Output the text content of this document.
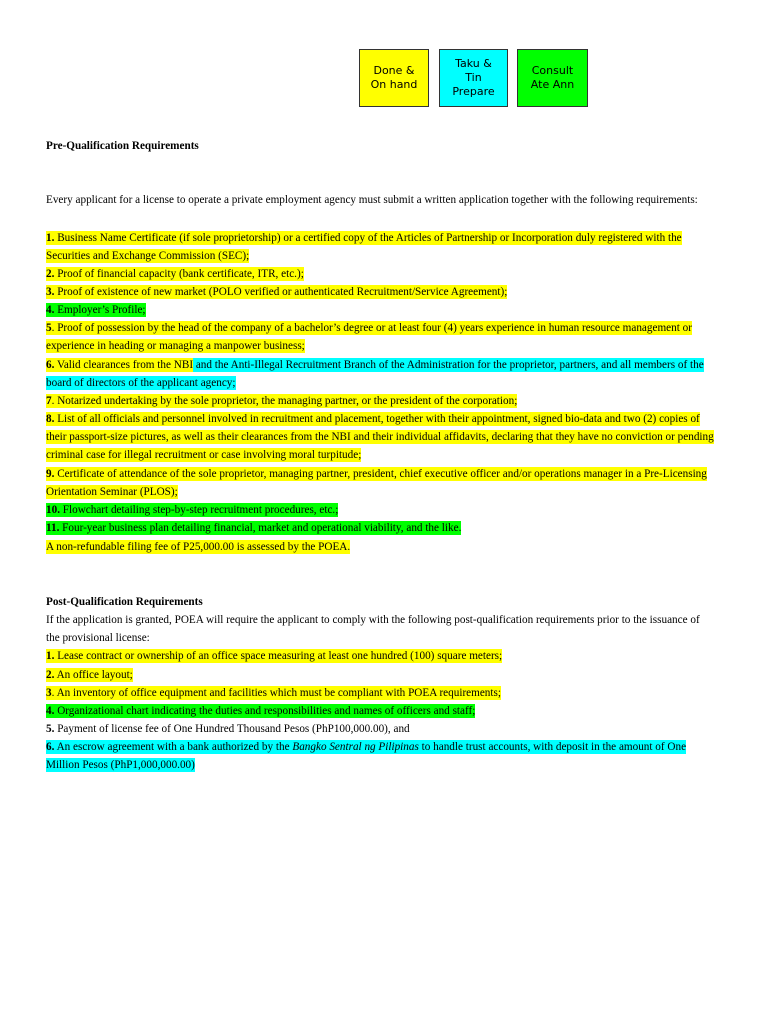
Done &
On hand
Taku &
Tin
Prepare
Consult
Ate Ann
Pre-Qualification Requirements
Every applicant for a license to operate a private employment agency must submit a written application together with the following requirements:
1. Business Name Certificate (if sole proprietorship) or a certified copy of the Articles of Partnership or Incorporation duly registered with the Securities and Exchange Commission (SEC);
2. Proof of financial capacity (bank certificate, ITR, etc.);
3. Proof of existence of new market (POLO verified or authenticated Recruitment/Service Agreement);
4. Employer’s Profile;
5. Proof of possession by the head of the company of a bachelor’s degree or at least four (4) years experience in human resource management or experience in heading or managing a manpower business;
6. Valid clearances from the NBI and the Anti-Illegal Recruitment Branch of the Administration for the proprietor, partners, and all members of the board of directors of the applicant agency;
7. Notarized undertaking by the sole proprietor, the managing partner, or the president of the corporation;
8. List of all officials and personnel involved in recruitment and placement, together with their appointment, signed bio-data and two (2) copies of their passport-size pictures, as well as their clearances from the NBI and their individual affidavits, declaring that they have no conviction or pending criminal case for illegal recruitment or case involving moral turpitude;
9. Certificate of attendance of the sole proprietor, managing partner, president, chief executive officer and/or operations manager in a Pre-Licensing Orientation Seminar (PLOS);
10. Flowchart detailing step-by-step recruitment procedures, etc.;
11. Four-year business plan detailing financial, market and operational viability, and the like.
A non-refundable filing fee of P25,000.00 is assessed by the POEA.
Post-Qualification Requirements
If the application is granted, POEA will require the applicant to comply with the following post-qualification requirements prior to the issuance of the provisional license:
1. Lease contract or ownership of an office space measuring at least one hundred (100) square meters;
2. An office layout;
3. An inventory of office equipment and facilities which must be compliant with POEA requirements;
4. Organizational chart indicating the duties and responsibilities and names of officers and staff;
5. Payment of license fee of One Hundred Thousand Pesos (PhP100,000.00), and
6. An escrow agreement with a bank authorized by the Bangko Sentral ng Pilipinas to handle trust accounts, with deposit in the amount of One Million Pesos (PhP1,000,000.00)
